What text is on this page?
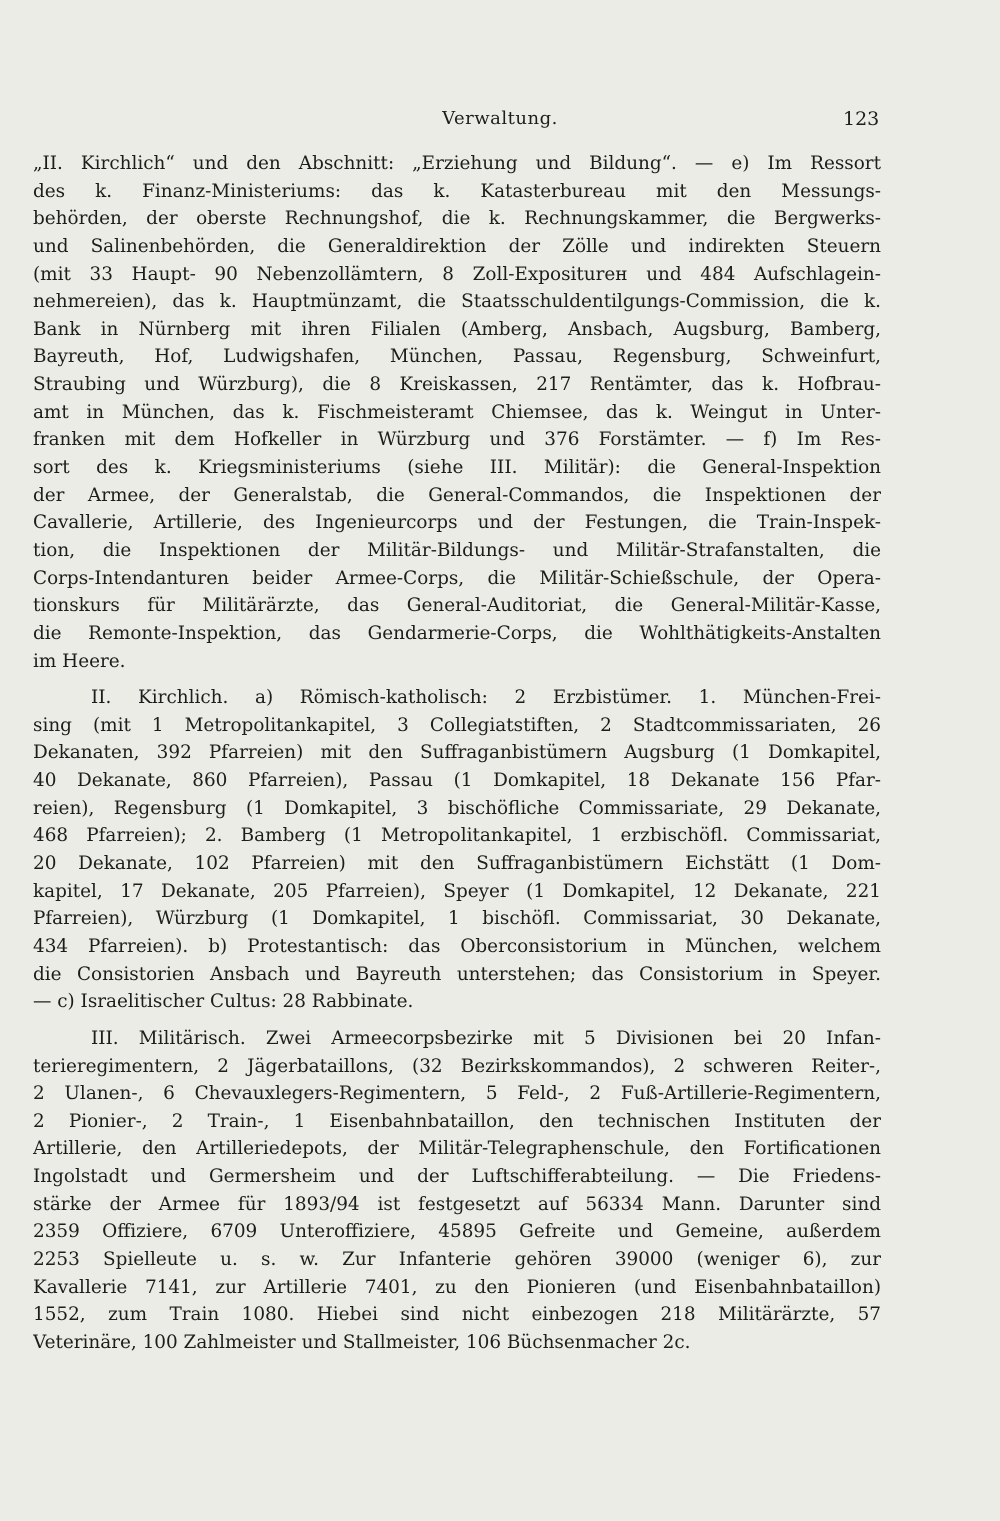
Verwaltung.	123
„II. Kirchlich“ und den Abschnitt: „Erziehung und Bildung“. — e) Im Ressort
des k. Finanz-Ministeriums: das k. Katasterbureau mit den Messungs-
behörden, der oberste Rechnungshof, die k. Rechnungskammer, die Bergwerks-
und Salinenbehörden, die Generaldirektion der Zölle und indirekten Steuern
(mit 33 Haupt- 90 Nebenzollämtern, 8 Zoll-Expositurен und 484 Aufschlagein-
nehmereien), das k. Hauptmünzamt, die Staatsschuldentilgungs-Commission, die k.
Bank in Nürnberg mit ihren Filialen (Amberg, Ansbach, Augsburg, Bamberg,
Bayreuth, Hof, Ludwigshafen, München, Passau, Regensburg, Schweinfurt,
Straubing und Würzburg), die 8 Kreiskassen, 217 Rentämter, das k. Hofbrau-
amt in München, das k. Fischmeisteramt Chiemsee, das k. Weingut in Unter-
franken mit dem Hofkeller in Würzburg und 376 Forstämter. — f) Im Res-
sort des k. Kriegsministeriums (siehe III. Militär): die General-Inspektion
der Armee, der Generalstab, die General-Commandos, die Inspektionen der
Cavallerie, Artillerie, des Ingenieurcorps und der Festungen, die Train-Inspek-
tion, die Inspektionen der Militär-Bildungs- und Militär-Strafanstalten, die
Corps-Intendanturen beider Armee-Corps, die Militär-Schießschule, der Opera-
tionskurs für Militärärzte, das General-Auditoriat, die General-Militär-Kasse,
die Remonte-Inspektion, das Gendarmerie-Corps, die Wohlthätigkeits-Anstalten
im Heere.
II. Kirchlich. a) Römisch-katholisch: 2 Erzbistümer. 1. München-Frei-
sing (mit 1 Metropolitankapitel, 3 Collegiatstiften, 2 Stadtcommissariaten, 26
Dekanaten, 392 Pfarreien) mit den Suffraganbistümern Augsburg (1 Domkapitel,
40 Dekanate, 860 Pfarreien), Passau (1 Domkapitel, 18 Dekanate 156 Pfar-
reien), Regensburg (1 Domkapitel, 3 bischöfliche Commissariate, 29 Dekanate,
468 Pfarreien); 2. Bamberg (1 Metropolitankapitel, 1 erzbischöfl. Commissariat,
20 Dekanate, 102 Pfarreien) mit den Suffraganbistümern Eichstätt (1 Dom-
kapitel, 17 Dekanate, 205 Pfarreien), Speyer (1 Domkapitel, 12 Dekanate, 221
Pfarreien), Würzburg (1 Domkapitel, 1 bischöfl. Commissariat, 30 Dekanate,
434 Pfarreien). b) Protestantisch: das Oberconsistorium in München, welchem
die Consistorien Ansbach und Bayreuth unterstehen; das Consistorium in Speyer.
— c) Israelitischer Cultus: 28 Rabbinate.
III. Militärisch. Zwei Armeecorpsbezirke mit 5 Divisionen bei 20 Infan-
terieregimentern, 2 Jägerbataillons, (32 Bezirkskommandos), 2 schweren Reiter-,
2 Ulanen-, 6 Chevauxlegers-Regimentern, 5 Feld-, 2 Fuß-Artillerie-Regimentern,
2 Pionier-, 2 Train-, 1 Eisenbahnbataillon, den technischen Instituten der
Artillerie, den Artilleriedepots, der Militär-Telegraphenschule, den Fortificationen
Ingolstadt und Germersheim und der Luftschifferabteilung. — Die Friedens-
stärke der Armee für 1893/94 ist festgesetzt auf 56334 Mann. Darunter sind
2359 Offiziere, 6709 Unteroffiziere, 45895 Gefreite und Gemeine, außerdem
2253 Spielleute u. s. w. Zur Infanterie gehören 39000 (weniger 6), zur
Kavallerie 7141, zur Artillerie 7401, zu den Pionieren (und Eisenbahnbataillon)
1552, zum Train 1080. Hiebei sind nicht einbezogen 218 Militärärzte, 57
Veterinäre, 100 Zahlmeister und Stallmeister, 106 Büchsenmacher 2c.
